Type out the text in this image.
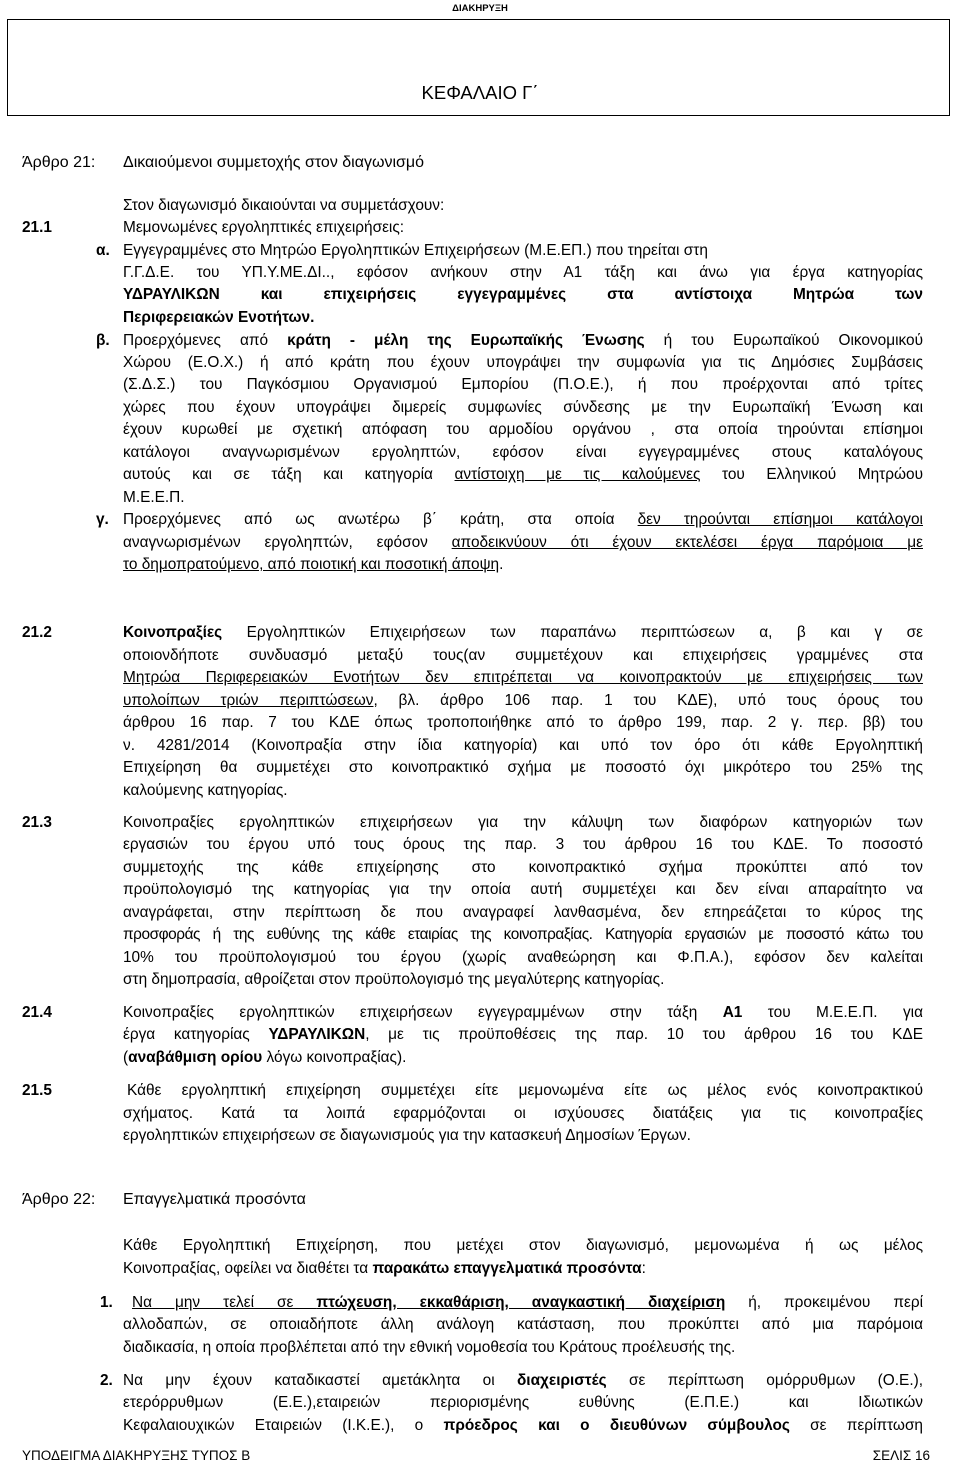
ΔΙΑΚΗΡΥΞΗ
ΚΕΦΑΛΑΙΟ Γ΄
Άρθρο 21: Δικαιούμενοι συμμετοχής στον διαγωνισμό
Στον διαγωνισμό δικαιούνται να συμμετάσχουν:
21.1	Μεμονωμένες εργοληπτικές επιχειρήσεις:
α. Εγγεγραμμένες στο Μητρώο Εργοληπτικών Επιχειρήσεων (Μ.Ε.ΕΠ.) που τηρείται στη
Γ.Γ.Δ.Ε. του ΥΠ.Υ.ΜΕ.ΔΙ.., εφόσον ανήκουν στην Α1 τάξη και άνω για έργα κατηγορίας
ΥΔΡΑΥΛΙΚΩΝ και επιχειρήσεις εγγεγραμμένες στα αντίστοιχα Μητρώα των
Περιφερειακών Ενοτήτων.
β. Προερχόμενες από κράτη - μέλη της Ευρωπαϊκής Ένωσης ή του Ευρωπαϊκού Οικονομικού
Χώρου (Ε.Ο.Χ.) ή από κράτη που έχουν υπογράψει την συμφωνία για τις Δημόσιες Συμβάσεις
(Σ.Δ.Σ.) του Παγκόσμιου Οργανισμού Εμπορίου (Π.Ο.Ε.), ή που προέρχονται από τρίτες
χώρες που έχουν υπογράψει διμερείς συμφωνίες σύνδεσης με την Ευρωπαϊκή Ένωση και
έχουν κυρωθεί με σχετική απόφαση του αρμοδίου οργάνου , στα οποία τηρούνται επίσημοι
κατάλογοι αναγνωρισμένων εργοληπτών, εφόσον είναι εγγεγραμμένες στους καταλόγους
αυτούς και σε τάξη και κατηγορία αντίστοιχη με τις καλούμενες του Ελληνικού Μητρώου
Μ.Ε.Ε.Π.
γ. Προερχόμενες από ως ανωτέρω β΄ κράτη, στα οποία δεν τηρούνται επίσημοι κατάλογοι
αναγνωρισμένων εργοληπτών, εφόσον αποδεικνύουν ότι έχουν εκτελέσει έργα παρόμοια με
το δημοπρατούμενο, από ποιοτική και ποσοτική άποψη.
21.2	Κοινοπραξίες Εργοληπτικών Επιχειρήσεων των παραπάνω περιπτώσεων α, β και γ σε
οποιονδήποτε συνδυασμό μεταξύ τους(αν συμμετέχουν και επιχειρήσεις γραμμένες στα
Μητρώα Περιφερειακών Ενοτήτων δεν επιτρέπεται να κοινοπρακτούν με επιχειρήσεις των
υπολοίπων τριών περιπτώσεων, βλ. άρθρο 106 παρ. 1 του ΚΔΕ), υπό τους όρους του
άρθρου 16 παρ. 7 του ΚΔΕ όπως τροποποιήθηκε από το άρθρο 199, παρ. 2 γ. περ. ββ) του
ν. 4281/2014 (Κοινοπραξία στην ίδια κατηγορία) και υπό τον όρο ότι κάθε Εργοληπτική
Επιχείρηση θα συμμετέχει στο κοινοπρακτικό σχήμα με ποσοστό όχι μικρότερο του 25% της
καλούμενης κατηγορίας.
21.3	Κοινοπραξίες εργοληπτικών επιχειρήσεων για την κάλυψη των διαφόρων κατηγοριών των
εργασιών του έργου υπό τους όρους της παρ. 3 του άρθρου 16 του ΚΔΕ. Το ποσοστό
συμμετοχής της κάθε επιχείρησης στο κοινοπρακτικό σχήμα προκύπτει από τον
προϋπολογισμό της κατηγορίας για την οποία αυτή συμμετέχει και δεν είναι απαραίτητο να
αναγράφεται, στην περίπτωση δε που αναγραφεί λανθασμένα, δεν επηρεάζεται το κύρος της
προσφοράς ή της ευθύνης της κάθε εταιρίας της κοινοπραξίας. Κατηγορία εργασιών με ποσοστό κάτω του
10% του προϋπολογισμού του έργου (χωρίς αναθεώρηση και Φ.Π.Α.), εφόσον δεν καλείται
στη δημοπρασία, αθροίζεται στον προϋπολογισμό της μεγαλύτερης κατηγορίας.
21.4	Κοινοπραξίες εργοληπτικών επιχειρήσεων εγγεγραμμένων στην τάξη Α1 του Μ.Ε.Ε.Π. για
έργα κατηγορίας ΥΔΡΑΥΛΙΚΩΝ, με τις προϋποθέσεις της παρ. 10 του άρθρου 16 του ΚΔΕ
(αναβάθμιση ορίου λόγω κοινοπραξίας).
21.5	Κάθε εργοληπτική επιχείρηση συμμετέχει είτε μεμονωμένα είτε ως μέλος ενός κοινοπρακτικού
σχήματος. Κατά τα λοιπά εφαρμόζονται οι ισχύουσες διατάξεις για τις κοινοπραξίες
εργοληπτικών επιχειρήσεων σε διαγωνισμούς για την κατασκευή Δημοσίων Έργων.
Άρθρο 22: Επαγγελματικά προσόντα
Κάθε Εργοληπτική Επιχείρηση, που μετέχει στον διαγωνισμό, μεμονωμένα ή ως μέλος
Κοινοπραξίας, οφείλει να διαθέτει τα παρακάτω επαγγελματικά προσόντα:
1. Να μην τελεί σε πτώχευση, εκκαθάριση, αναγκαστική διαχείριση ή, προκειμένου περί
αλλοδαπών, σε οποιαδήποτε άλλη ανάλογη κατάσταση, που προκύπτει από μια παρόμοια
διαδικασία, η οποία προβλέπεται από την εθνική νομοθεσία του Κράτους προέλευσής της.
2. Να μην έχουν καταδικαστεί αμετάκλητα οι διαχειριστές σε περίπτωση ομόρρυθμων (Ο.Ε.),
ετερόρρυθμων (Ε.Ε.),εταιρειών περιορισμένης ευθύνης (Ε.Π.Ε.) και Ιδιωτικών
Κεφαλαιουχικών Εταιρειών (Ι.Κ.Ε.), ο πρόεδρος και ο διευθύνων σύμβουλος σε περίπτωση
ΥΠΟΔΕΙΓΜΑ ΔΙΑΚΗΡΥΞΗΣ ΤΥΠΟΣ Β	ΣΕΛΙΣ 16
